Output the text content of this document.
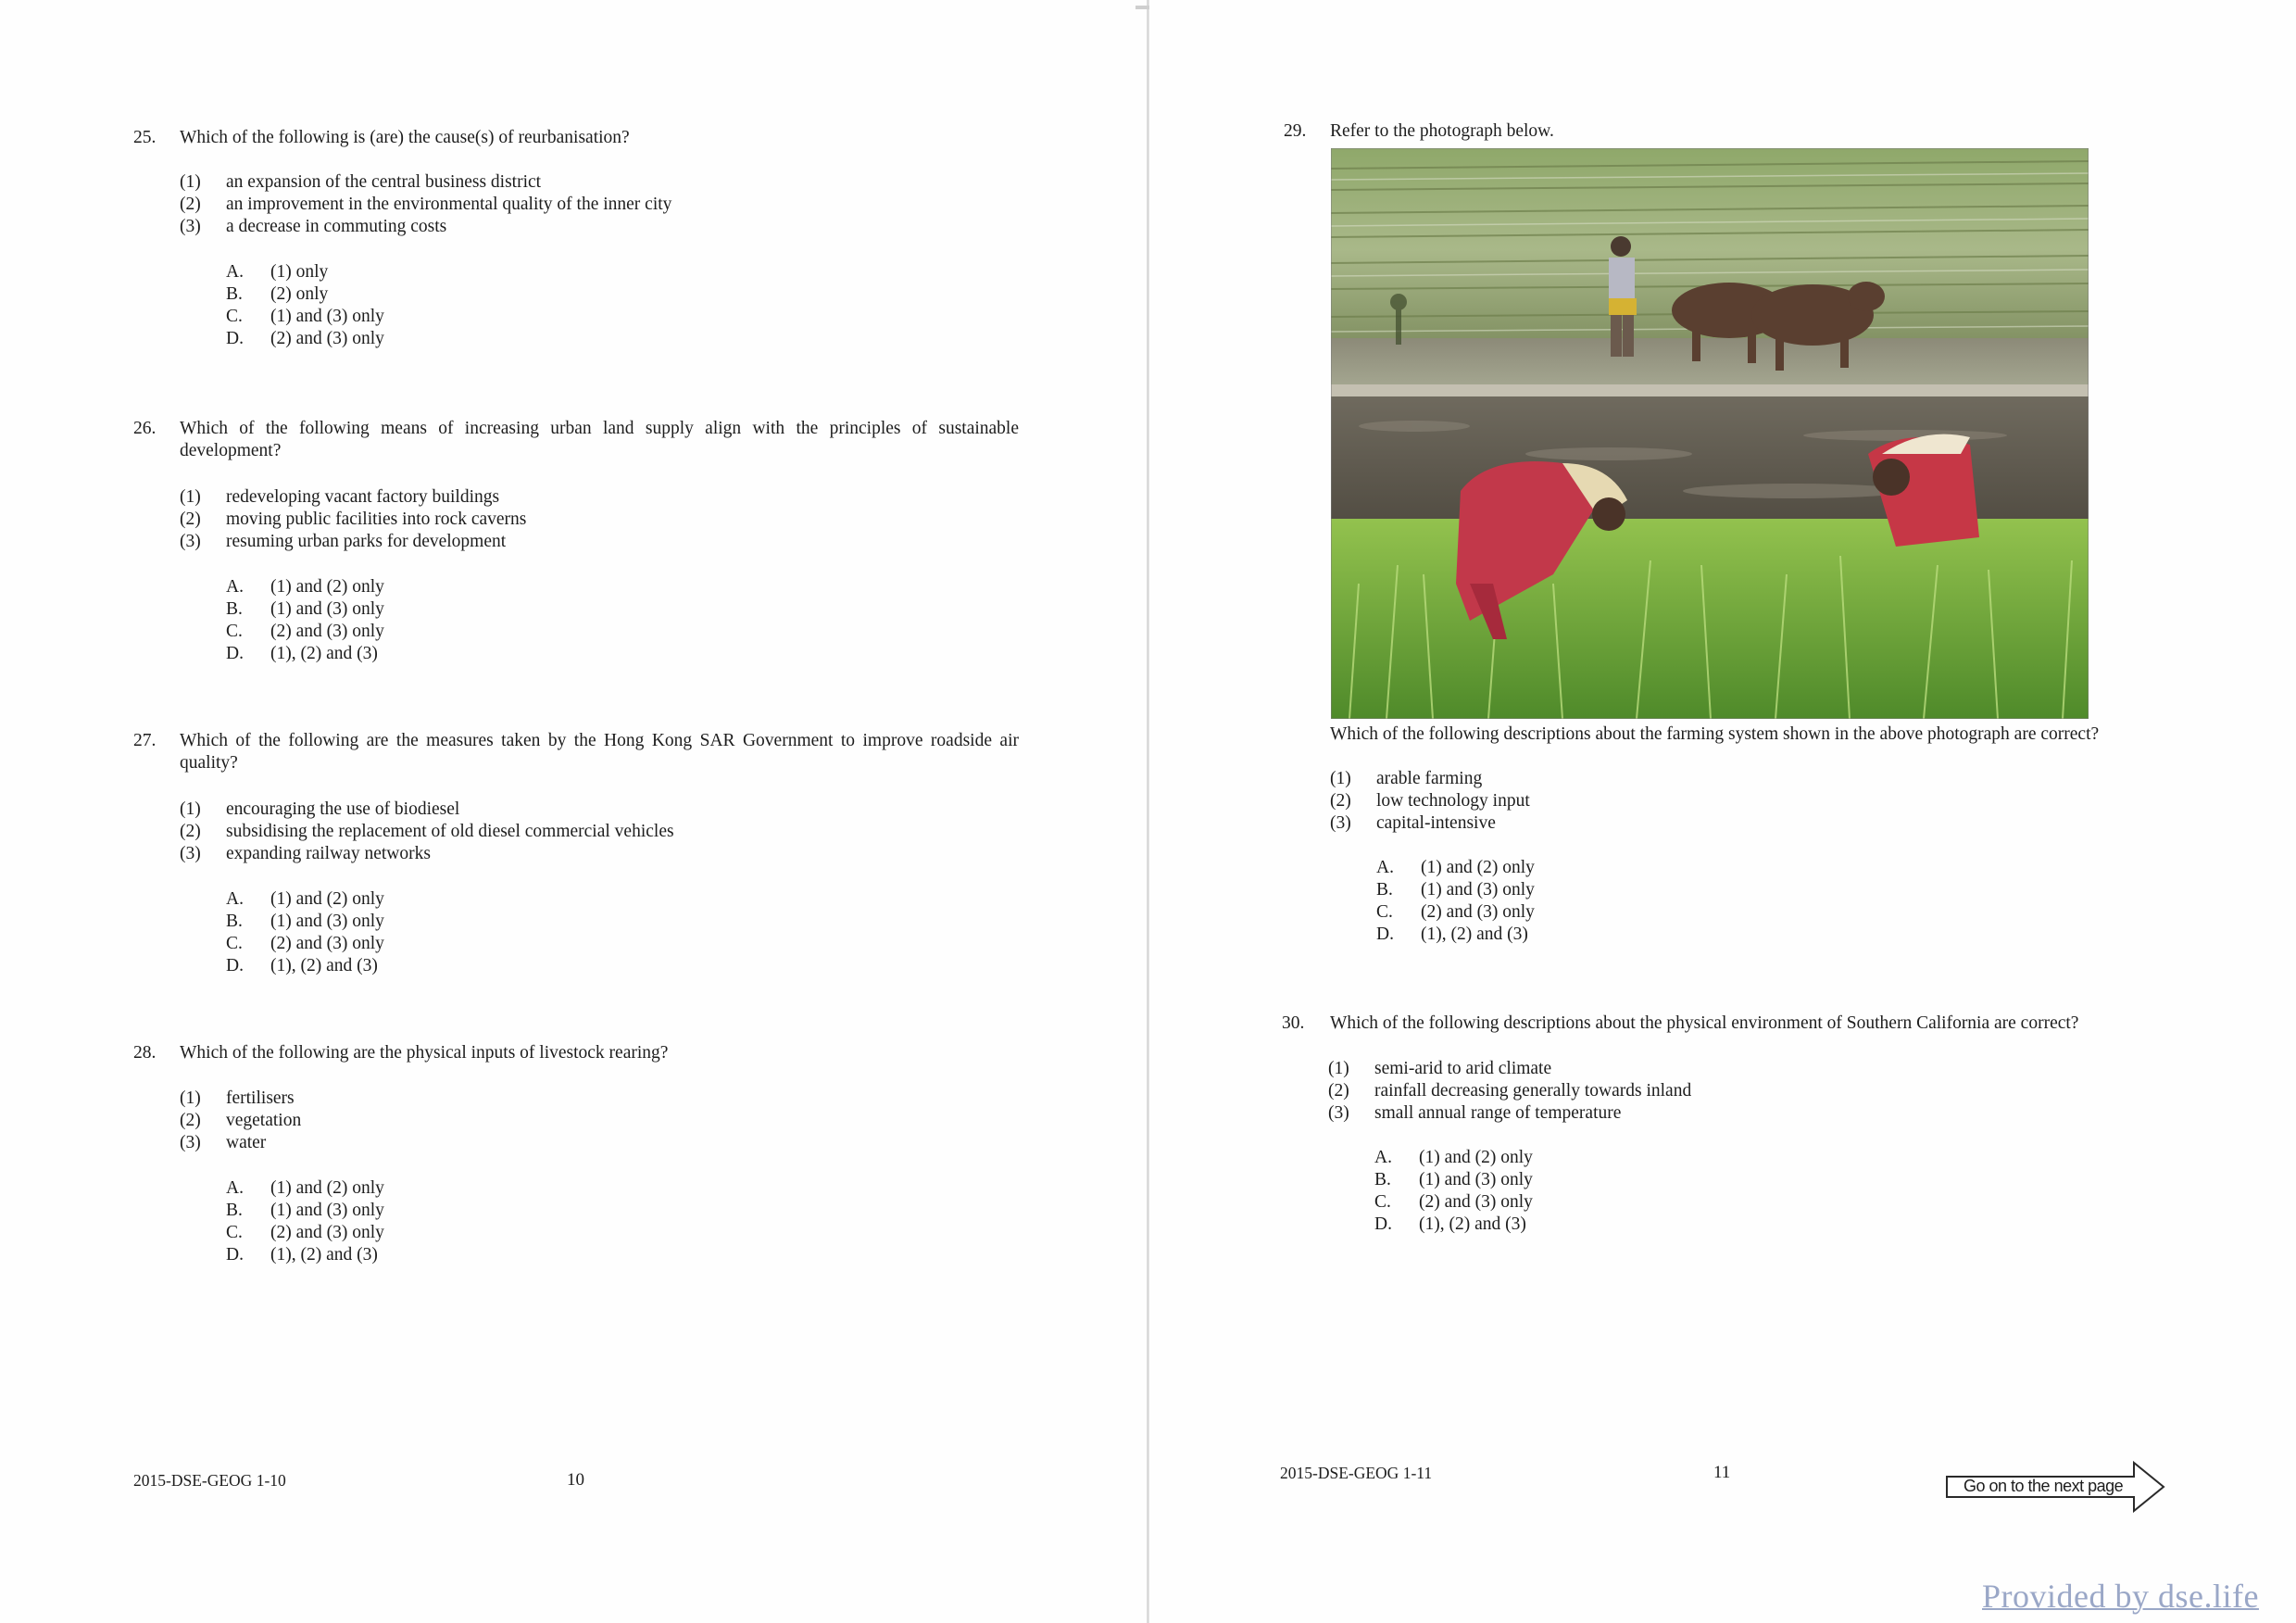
25. Which of the following is (are) the cause(s) of reurbanisation?
(1) an expansion of the central business district
(2) an improvement in the environmental quality of the inner city
(3) a decrease in commuting costs
A. (1) only
B. (2) only
C. (1) and (3) only
D. (2) and (3) only
26. Which of the following means of increasing urban land supply align with the principles of sustainable development?
(1) redeveloping vacant factory buildings
(2) moving public facilities into rock caverns
(3) resuming urban parks for development
A. (1) and (2) only
B. (1) and (3) only
C. (2) and (3) only
D. (1), (2) and (3)
27. Which of the following are the measures taken by the Hong Kong SAR Government to improve roadside air quality?
(1) encouraging the use of biodiesel
(2) subsidising the replacement of old diesel commercial vehicles
(3) expanding railway networks
A. (1) and (2) only
B. (1) and (3) only
C. (2) and (3) only
D. (1), (2) and (3)
28. Which of the following are the physical inputs of livestock rearing?
(1) fertilisers
(2) vegetation
(3) water
A. (1) and (2) only
B. (1) and (3) only
C. (2) and (3) only
D. (1), (2) and (3)
2015-DSE-GEOG 1-10	10
29. Refer to the photograph below.
Which of the following descriptions about the farming system shown in the above photograph are correct?
(1) arable farming
(2) low technology input
(3) capital-intensive
A. (1) and (2) only
B. (1) and (3) only
C. (2) and (3) only
D. (1), (2) and (3)
30. Which of the following descriptions about the physical environment of Southern California are correct?
(1) semi-arid to arid climate
(2) rainfall decreasing generally towards inland
(3) small annual range of temperature
A. (1) and (2) only
B. (1) and (3) only
C. (2) and (3) only
D. (1), (2) and (3)
2015-DSE-GEOG 1-11	11
Go on to the next page
Provided by dse.life
